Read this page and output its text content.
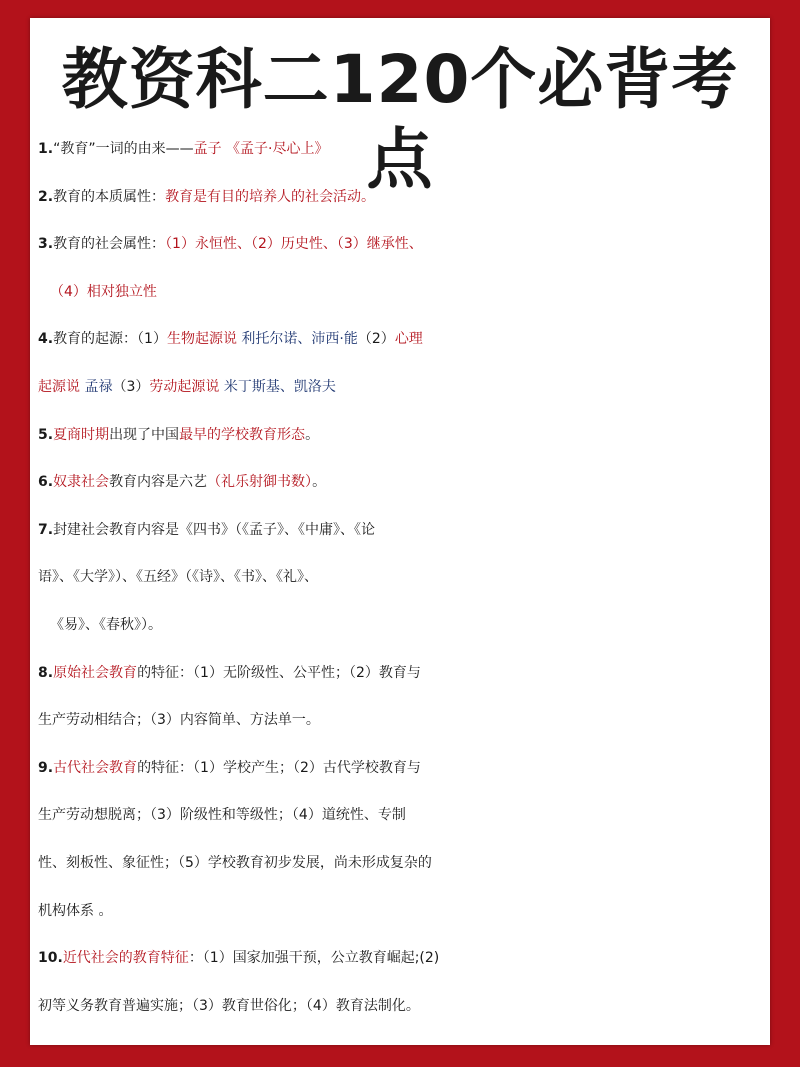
教资科二120个必背考点
1.“教育”一词的由来——孟子 《孟子·尽心上》
2.教育的本质属性：教育是有目的培养人的社会活动。
3.教育的社会属性：（1）永恒性、（2）历史性、（3）继承性、
（4）相对独立性
4.教育的起源：（1）生物起源说 利托尔诺、沛西·能（2）心理
起源说 孟禄（3）劳动起源说 米丁斯基、凯洛夫
5.夏商时期出现了中国最早的学校教育形态。
6.奴隶社会教育内容是六艺（礼乐射御书数）。
7.封建社会教育内容是《四书》（《孟子》、《中庸》、《论
语》、《大学》）、《五经》（《诗》、《书》、《礼》、
《易》、《春秋》）。
8.原始社会教育的特征：（1）无阶级性、公平性；（2）教育与
生产劳动相结合；（3）内容简单、方法单一。
9.古代社会教育的特征：（1）学校产生；（2）古代学校教育与
生产劳动想脱离；（3）阶级性和等级性；（4）道统性、专制
性、刻板性、象征性；（5）学校教育初步发展，尚未形成复杂的
机构体系 。
10.近代社会的教育特征：（1）国家加强干预，公立教育崛起;(2)
初等义务教育普遍实施；（3）教育世俗化；（4）教育法制化。
